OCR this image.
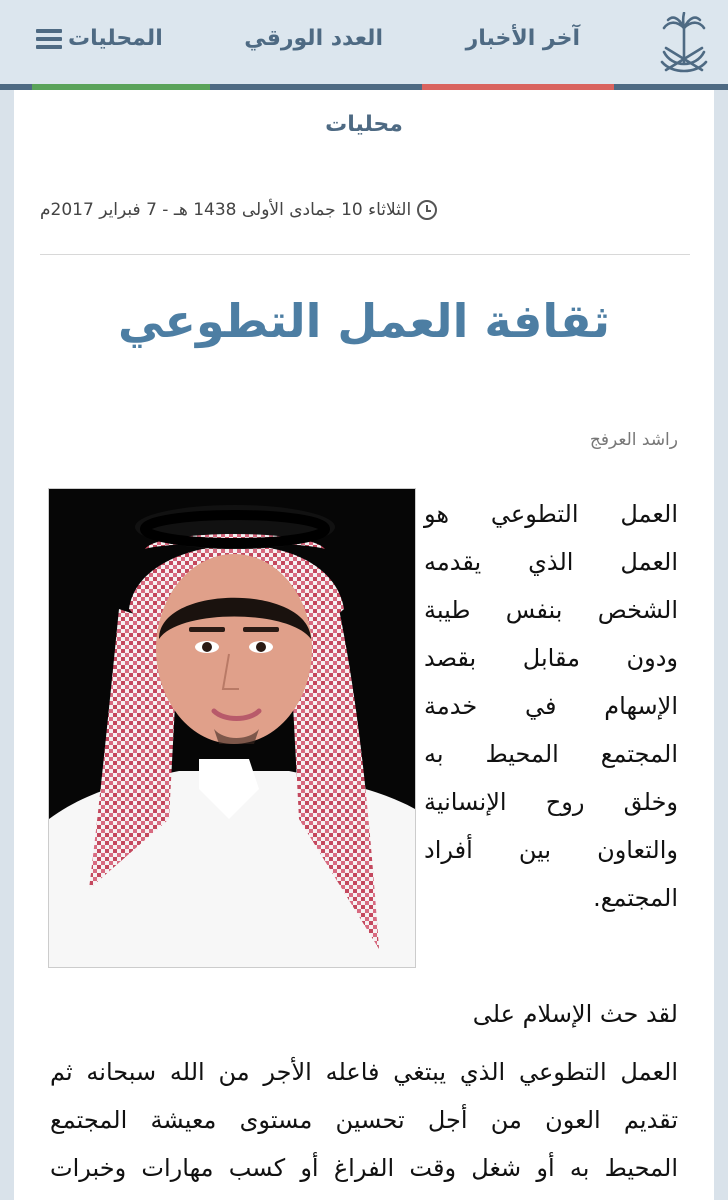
آخر الأخبار
العدد الورقي
المحليات
محليات
الثلاثاء 10 جمادى الأولى 1438 هـ - 7 فبراير 2017م
ثقافة العمل التطوعي
راشد العرفج
العمل التطوعي هو
العمل الذي يقدمه
الشخص بنفس طيبة
ودون مقابل بقصد
الإسهام في خدمة
المجتمع المحيط به
وخلق روح الإنسانية
والتعاون بين أفراد
المجتمع.
لقد حث الإسلام على
العمل التطوعي الذي يبتغي فاعله الأجر من الله سبحانه ثم
تقديم العون من أجل تحسين مستوى معيشة المجتمع
المحيط به أو شغل وقت الفراغ أو كسب مهارات وخبرات
